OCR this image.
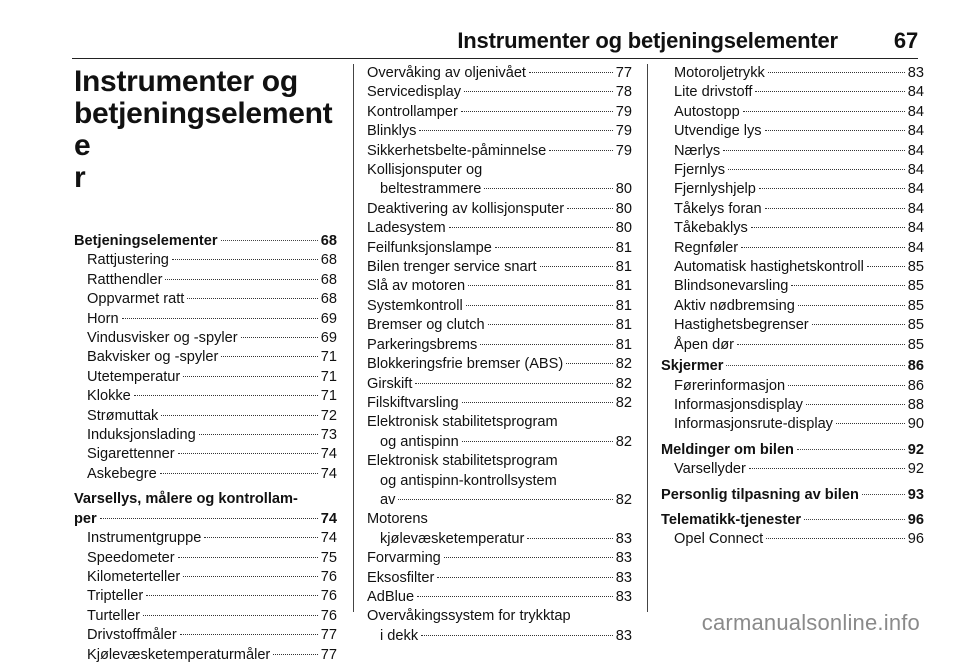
Instrumenter og betjeningselementer	67
Instrumenter og
betjeningselemente
r
Betjeningselementer	68
Rattjustering	68
Ratthendler	68
Oppvarmet ratt	68
Horn	69
Vindusvisker og -spyler	69
Bakvisker og -spyler	71
Utetemperatur	71
Klokke	71
Strømuttak	72
Induksjonslading	73
Sigarettenner	74
Askebegre	74
Varsellys, målere og kontrollam-
per	74
Instrumentgruppe	74
Speedometer	75
Kilometerteller	76
Tripteller	76
Turteller	76
Drivstoffmåler	77
Kjølevæsketemperaturmåler	77
Overvåking av oljenivået	77
Servicedisplay	78
Kontrollamper	79
Blinklys	79
Sikkerhetsbelte-påminnelse	79
Kollisjonsputer og
beltestrammere	80
Deaktivering av kollisjonsputer	80
Ladesystem	80
Feilfunksjonslampe	81
Bilen trenger service snart	81
Slå av motoren	81
Systemkontroll	81
Bremser og clutch	81
Parkeringsbrems	81
Blokkeringsfrie bremser (ABS)	82
Girskift	82
Filskiftvarsling	82
Elektronisk stabilitetsprogram
og antispinn	82
Elektronisk stabilitetsprogram
og antispinn-kontrollsystem
av	82
Motorens
kjølevæsketemperatur	83
Forvarming	83
Eksosfilter	83
AdBlue	83
Overvåkingssystem for trykktap
i dekk	83
Motoroljetrykk	83
Lite drivstoff	84
Autostopp	84
Utvendige lys	84
Nærlys	84
Fjernlys	84
Fjernlyshjelp	84
Tåkelys foran	84
Tåkebaklys	84
Regnføler	84
Automatisk hastighetskontroll	85
Blindsonevarsling	85
Aktiv nødbremsing	85
Hastighetsbegrenser	85
Åpen dør	85
Skjermer	86
Førerinformasjon	86
Informasjonsdisplay	88
Informasjonsrute-display	90
Meldinger om bilen	92
Varsellyder	92
Personlig tilpasning av bilen	93
Telematikk-tjenester	96
Opel Connect	96
carmanualsonline.info
